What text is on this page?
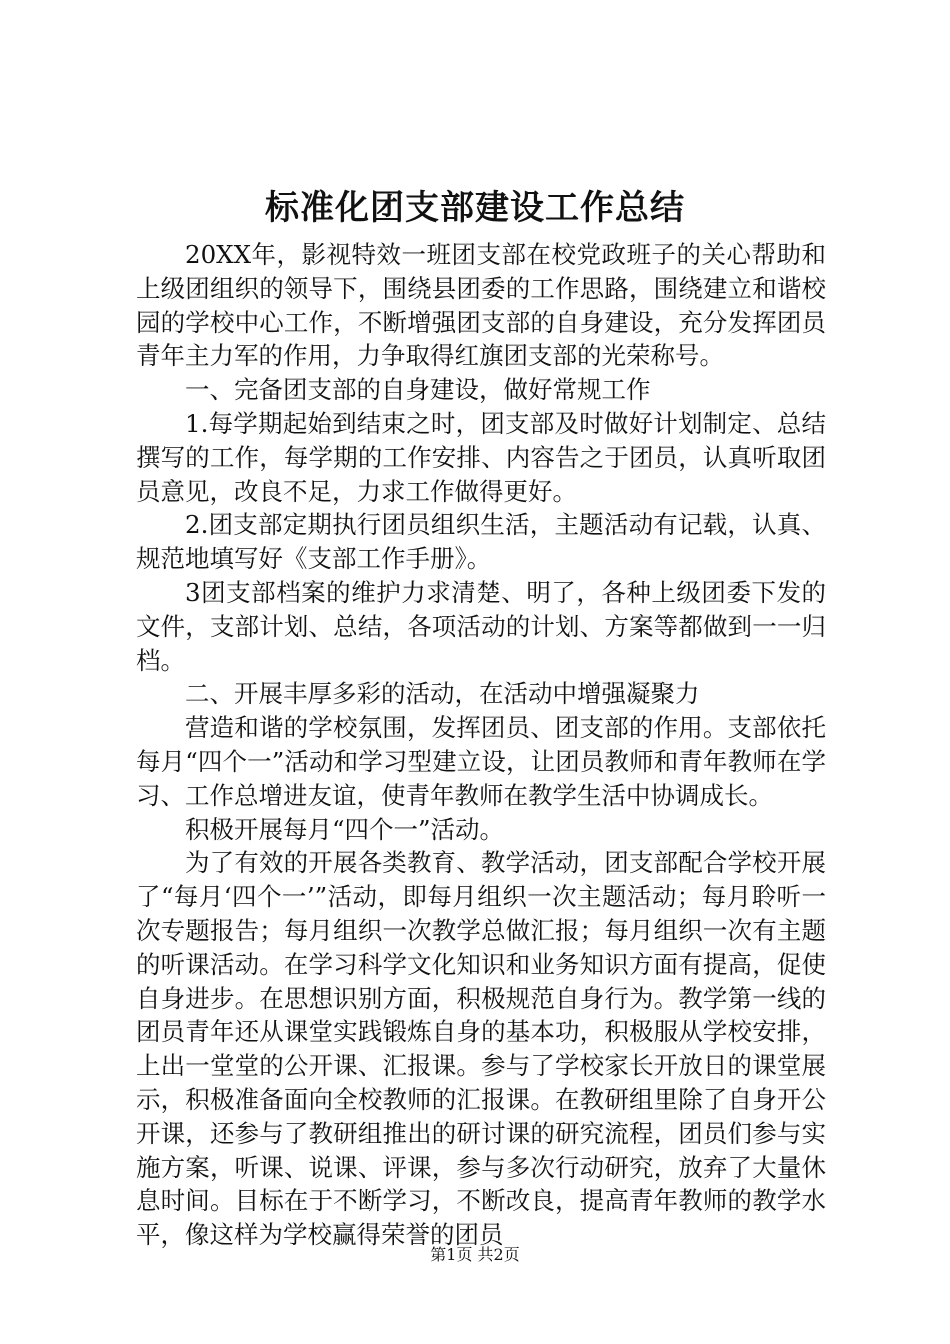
标准化团支部建设工作总结

20XX年，影视特效一班团支部在校党政班子的关心帮助和上级团组织的领导下，围绕县团委的工作思路，围绕建立和谐校园的学校中心工作，不断增强团支部的自身建设，充分发挥团员青年主力军的作用，力争取得红旗团支部的光荣称号。

一、完备团支部的自身建设，做好常规工作

1.每学期起始到结束之时，团支部及时做好计划制定、总结撰写的工作，每学期的工作安排、内容告之于团员，认真听取团员意见，改良不足，力求工作做得更好。

2.团支部定期执行团员组织生活，主题活动有记载，认真、规范地填写好《支部工作手册》。

3团支部档案的维护力求清楚、明了，各种上级团委下发的文件，支部计划、总结，各项活动的计划、方案等都做到一一归档。

二、开展丰厚多彩的活动，在活动中增强凝聚力

营造和谐的学校氛围，发挥团员、团支部的作用。支部依托每月“四个一”活动和学习型建立设，让团员教师和青年教师在学习、工作总增进友谊，使青年教师在教学生活中协调成长。

积极开展每月“四个一”活动。

为了有效的开展各类教育、教学活动，团支部配合学校开展了“每月‘四个一’”活动，即每月组织一次主题活动；每月聆听一次专题报告；每月组织一次教学总做汇报；每月组织一次有主题的听课活动。在学习科学文化知识和业务知识方面有提高，促使自身进步。在思想识别方面，积极规范自身行为。教学第一线的团员青年还从课堂实践锻炼自身的基本功，积极服从学校安排，上出一堂堂的公开课、汇报课。参与了学校家长开放日的课堂展示，积极准备面向全校教师的汇报课。在教研组里除了自身开公开课，还参与了教研组推出的研讨课的研究流程，团员们参与实施方案，听课、说课、评课，参与多次行动研究，放弃了大量休息时间。目标在于不断学习，不断改良，提高青年教师的教学水平，像这样为学校赢得荣誉的团员

第1页 共2页
